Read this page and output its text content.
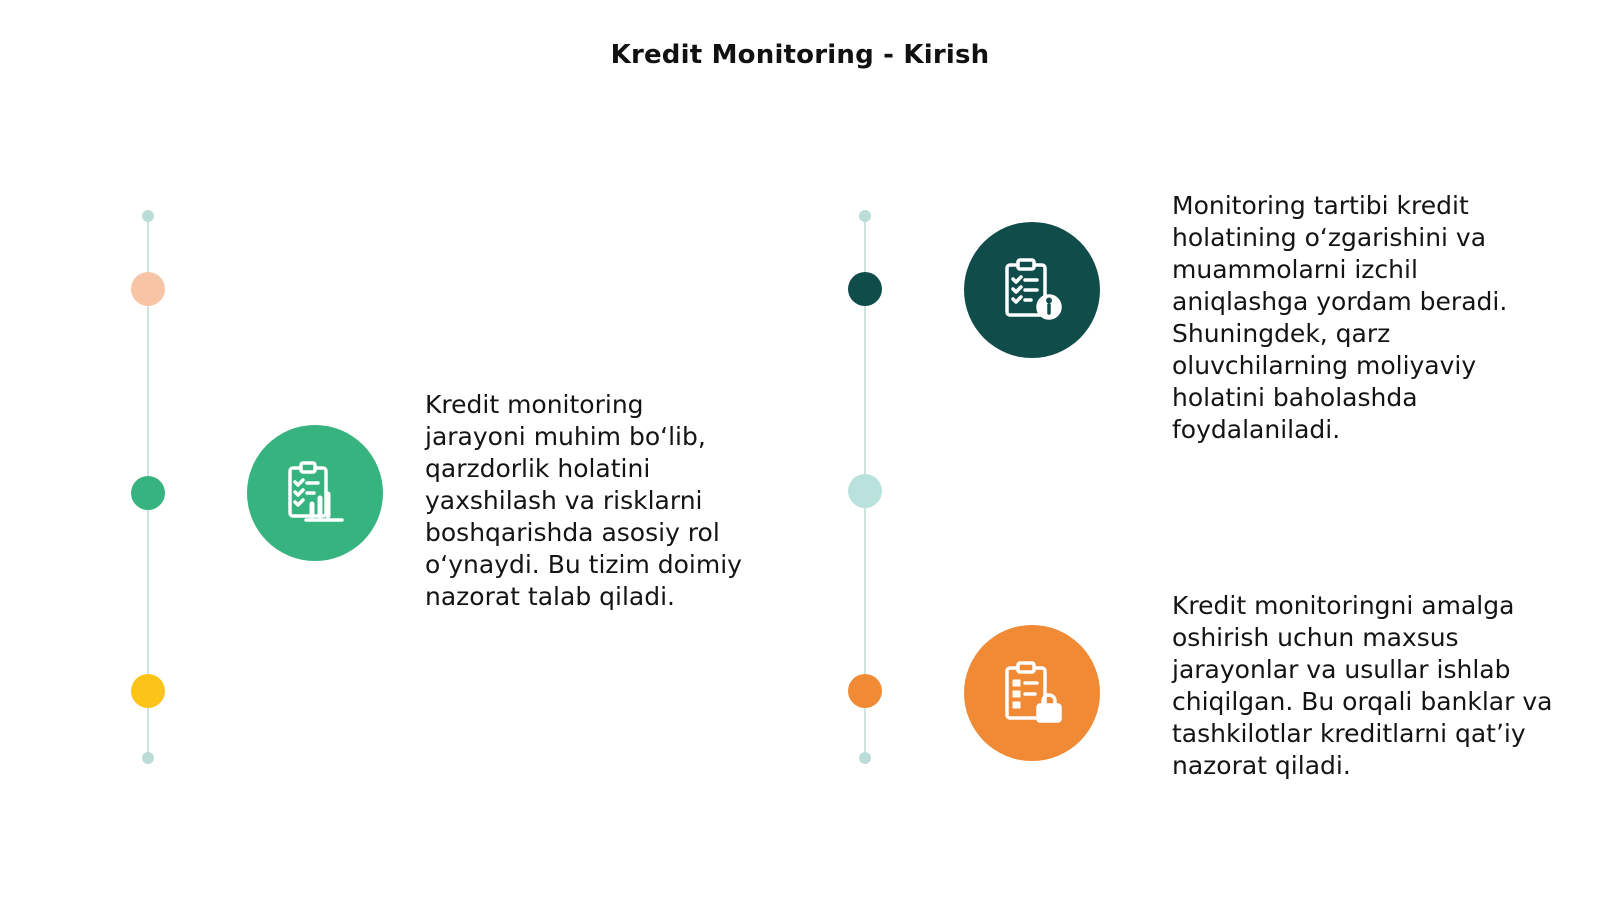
Kredit Monitoring - Kirish
Kredit monitoring jarayoni muhim boʻlib, qarzdorlik holatini yaxshilash va risklarni boshqarishda asosiy rol oʻynaydi. Bu tizim doimiy nazorat talab qiladi.
Monitoring tartibi kredit holatining oʻzgarishini va muammolarni izchil aniqlashga yordam beradi. Shuningdek, qarz oluvchilarning moliyaviy holatini baholashda foydalaniladi.
Kredit monitoringni amalga oshirish uchun maxsus jarayonlar va usullar ishlab chiqilgan. Bu orqali banklar va tashkilotlar kreditlarni qatʼiy nazorat qiladi.
